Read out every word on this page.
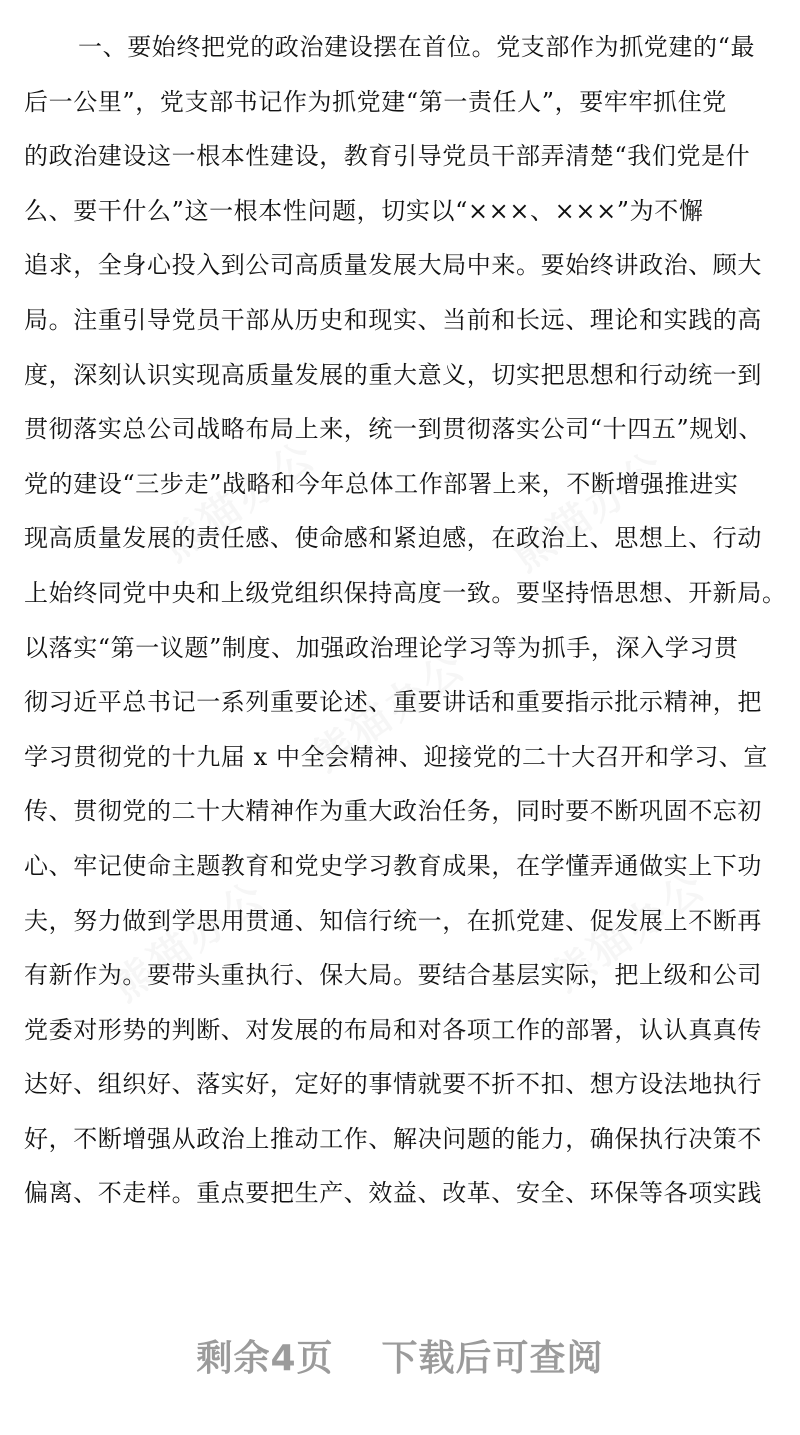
熊猫办公	熊猫办公
熊猫办公
熊猫办公	熊猫办公
一、要始终把党的政治建设摆在首位。党支部作为抓党建的“最
后一公里”，党支部书记作为抓党建“第一责任人”，要牢牢抓住党
的政治建设这一根本性建设，教育引导党员干部弄清楚“我们党是什
么、要干什么”这一根本性问题，切实以“×××、×××”为不懈
追求，全身心投入到公司高质量发展大局中来。要始终讲政治、顾大
局。注重引导党员干部从历史和现实、当前和长远、理论和实践的高
度，深刻认识实现高质量发展的重大意义，切实把思想和行动统一到
贯彻落实总公司战略布局上来，统一到贯彻落实公司“十四五”规划、
党的建设“三步走”战略和今年总体工作部署上来，不断增强推进实
现高质量发展的责任感、使命感和紧迫感，在政治上、思想上、行动
上始终同党中央和上级党组织保持高度一致。要坚持悟思想、开新局。
以落实“第一议题”制度、加强政治理论学习等为抓手，深入学习贯
彻习近平总书记一系列重要论述、重要讲话和重要指示批示精神，把
学习贯彻党的十九届 x 中全会精神、迎接党的二十大召开和学习、宣
传、贯彻党的二十大精神作为重大政治任务，同时要不断巩固不忘初
心、牢记使命主题教育和党史学习教育成果，在学懂弄通做实上下功
夫，努力做到学思用贯通、知信行统一，在抓党建、促发展上不断再
有新作为。要带头重执行、保大局。要结合基层实际，把上级和公司
党委对形势的判断、对发展的布局和对各项工作的部署，认认真真传
达好、组织好、落实好，定好的事情就要不折不扣、想方设法地执行
好，不断增强从政治上推动工作、解决问题的能力，确保执行决策不
偏离、不走样。重点要把生产、效益、改革、安全、环保等各项实践
剩余4页 下载后可查阅
